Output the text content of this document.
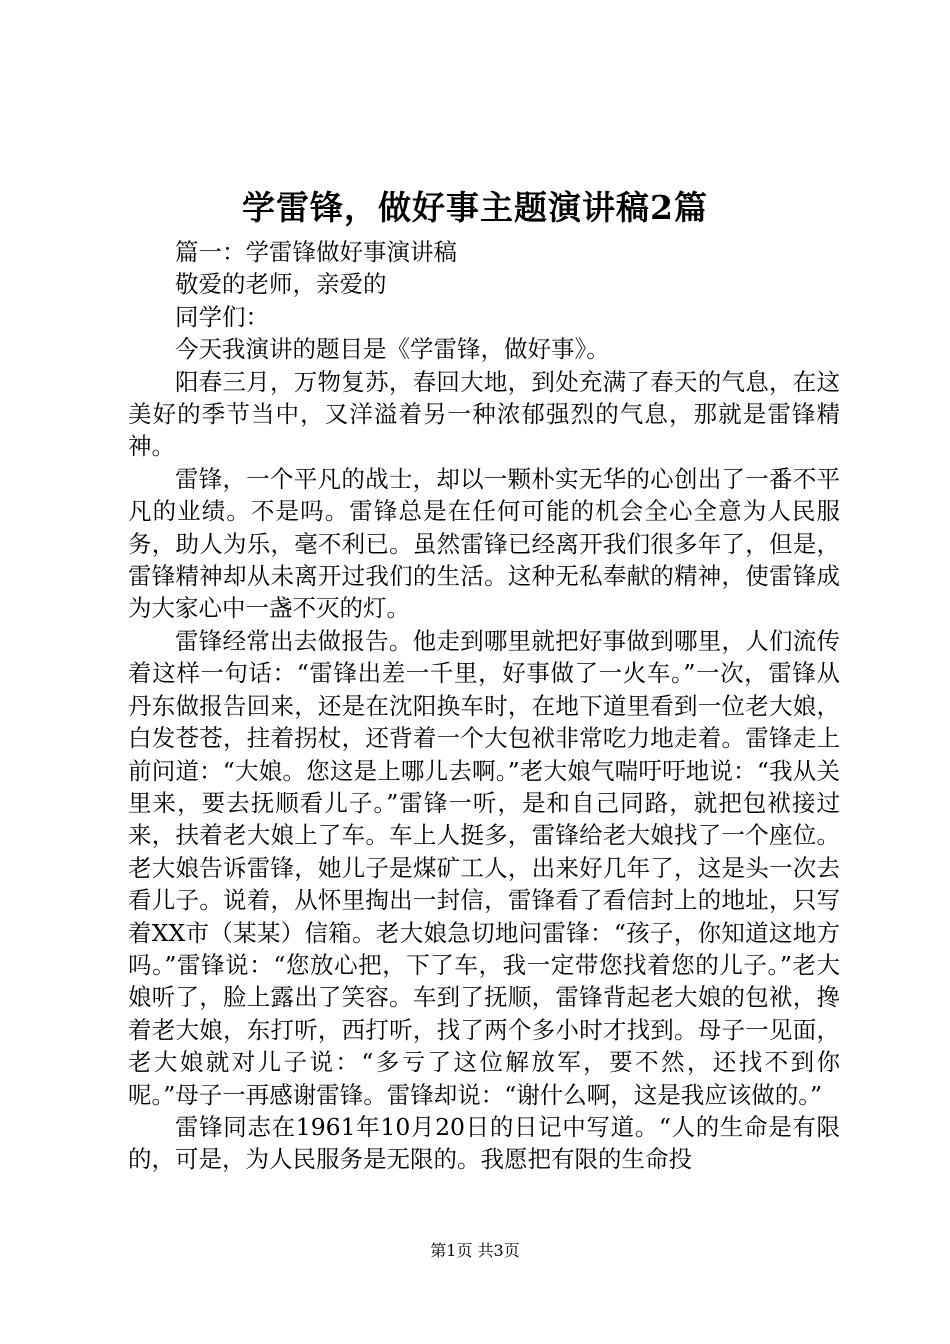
学雷锋，做好事主题演讲稿2篇

篇一：学雷锋做好事演讲稿

敬爱的老师，亲爱的

同学们：

今天我演讲的题目是《学雷锋，做好事》。

阳春三月，万物复苏，春回大地，到处充满了春天的气息，在这美好的季节当中，又洋溢着另一种浓郁强烈的气息，那就是雷锋精神。

雷锋，一个平凡的战士，却以一颗朴实无华的心创出了一番不平凡的业绩。不是吗。雷锋总是在任何可能的机会全心全意为人民服务，助人为乐，毫不利已。虽然雷锋已经离开我们很多年了，但是，雷锋精神却从未离开过我们的生活。这种无私奉献的精神，使雷锋成为大家心中一盏不灭的灯。

雷锋经常出去做报告。他走到哪里就把好事做到哪里，人们流传着这样一句话：“雷锋出差一千里，好事做了一火车。”一次，雷锋从丹东做报告回来，还是在沈阳换车时，在地下道里看到一位老大娘，白发苍苍，拄着拐杖，还背着一个大包袱非常吃力地走着。雷锋走上前问道：“大娘。您这是上哪儿去啊。”老大娘气喘吁吁地说：“我从关里来，要去抚顺看儿子。”雷锋一听，是和自己同路，就把包袱接过来，扶着老大娘上了车。车上人挺多，雷锋给老大娘找了一个座位。老大娘告诉雷锋，她儿子是煤矿工人，出来好几年了，这是头一次去看儿子。说着，从怀里掏出一封信，雷锋看了看信封上的地址，只写着XX市（某某）信箱。老大娘急切地问雷锋：“孩子，你知道这地方吗。”雷锋说：“您放心把，下了车，我一定带您找着您的儿子。”老大娘听了，脸上露出了笑容。车到了抚顺，雷锋背起老大娘的包袱，搀着老大娘，东打听，西打听，找了两个多小时才找到。母子一见面，老大娘就对儿子说：“多亏了这位解放军，要不然，还找不到你呢。”母子一再感谢雷锋。雷锋却说：“谢什么啊，这是我应该做的。”

雷锋同志在1961年10月20日的日记中写道。“人的生命是有限的，可是，为人民服务是无限的。我愿把有限的生命投

第1页 共3页
